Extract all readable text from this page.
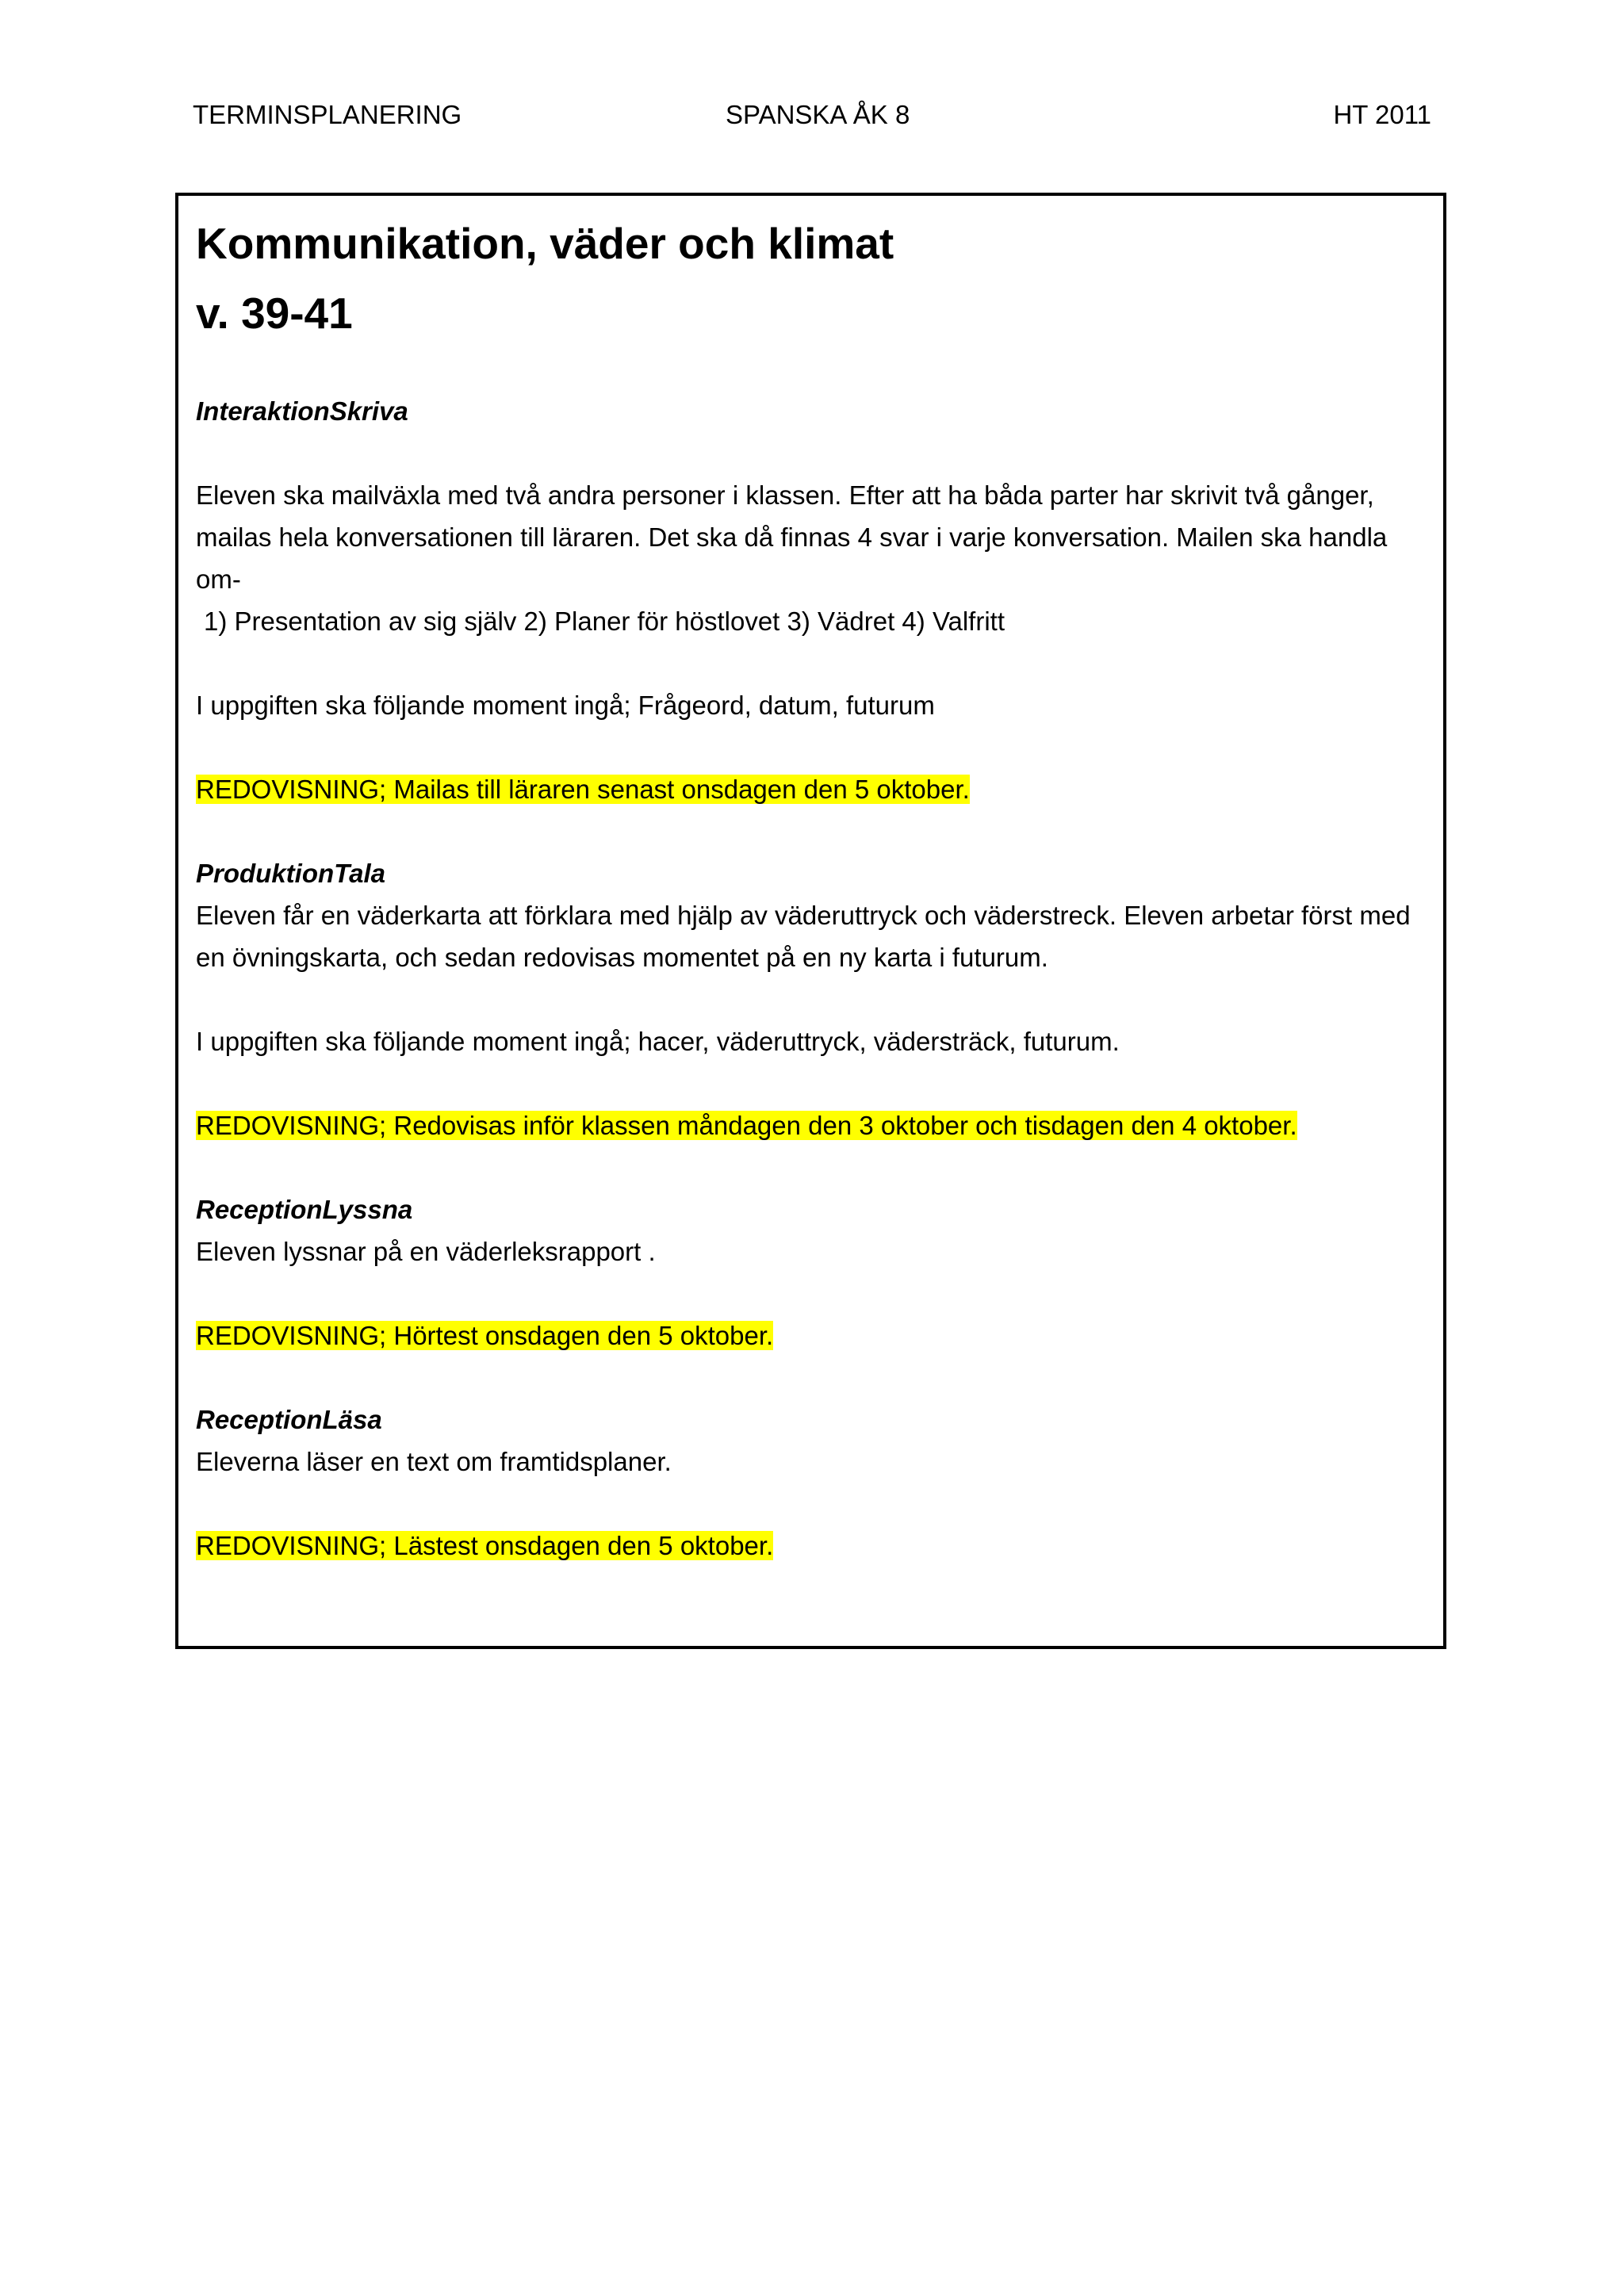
TERMINSPLANERING	SPANSKA ÅK 8	HT 2011
Kommunikation, väder och klimat
v. 39-41
InteraktionSkriva
Eleven ska mailväxla med två andra personer i klassen. Efter att ha båda parter har skrivit två gånger, mailas hela konversationen till läraren. Det ska då finnas 4 svar i varje konversation. Mailen ska handla om-
1) Presentation av sig själv 2) Planer för höstlovet 3) Vädret 4) Valfritt
I uppgiften ska följande moment ingå; Frågeord, datum, futurum
REDOVISNING; Mailas till läraren senast onsdagen den 5 oktober.
ProduktionTala
Eleven får en väderkarta att förklara med hjälp av väderuttryck och väderstreck. Eleven arbetar först med en övningskarta, och sedan redovisas momentet på en ny karta i futurum.
I uppgiften ska följande moment ingå; hacer, väderuttryck, vädersträck, futurum.
REDOVISNING; Redovisas inför klassen måndagen den 3 oktober och tisdagen den 4 oktober.
ReceptionLyssna
Eleven lyssnar på en väderleksrapport .
REDOVISNING; Hörtest onsdagen den 5 oktober.
ReceptionLäsa
Eleverna läser en text om framtidsplaner.
REDOVISNING; Lästest onsdagen den 5 oktober.
